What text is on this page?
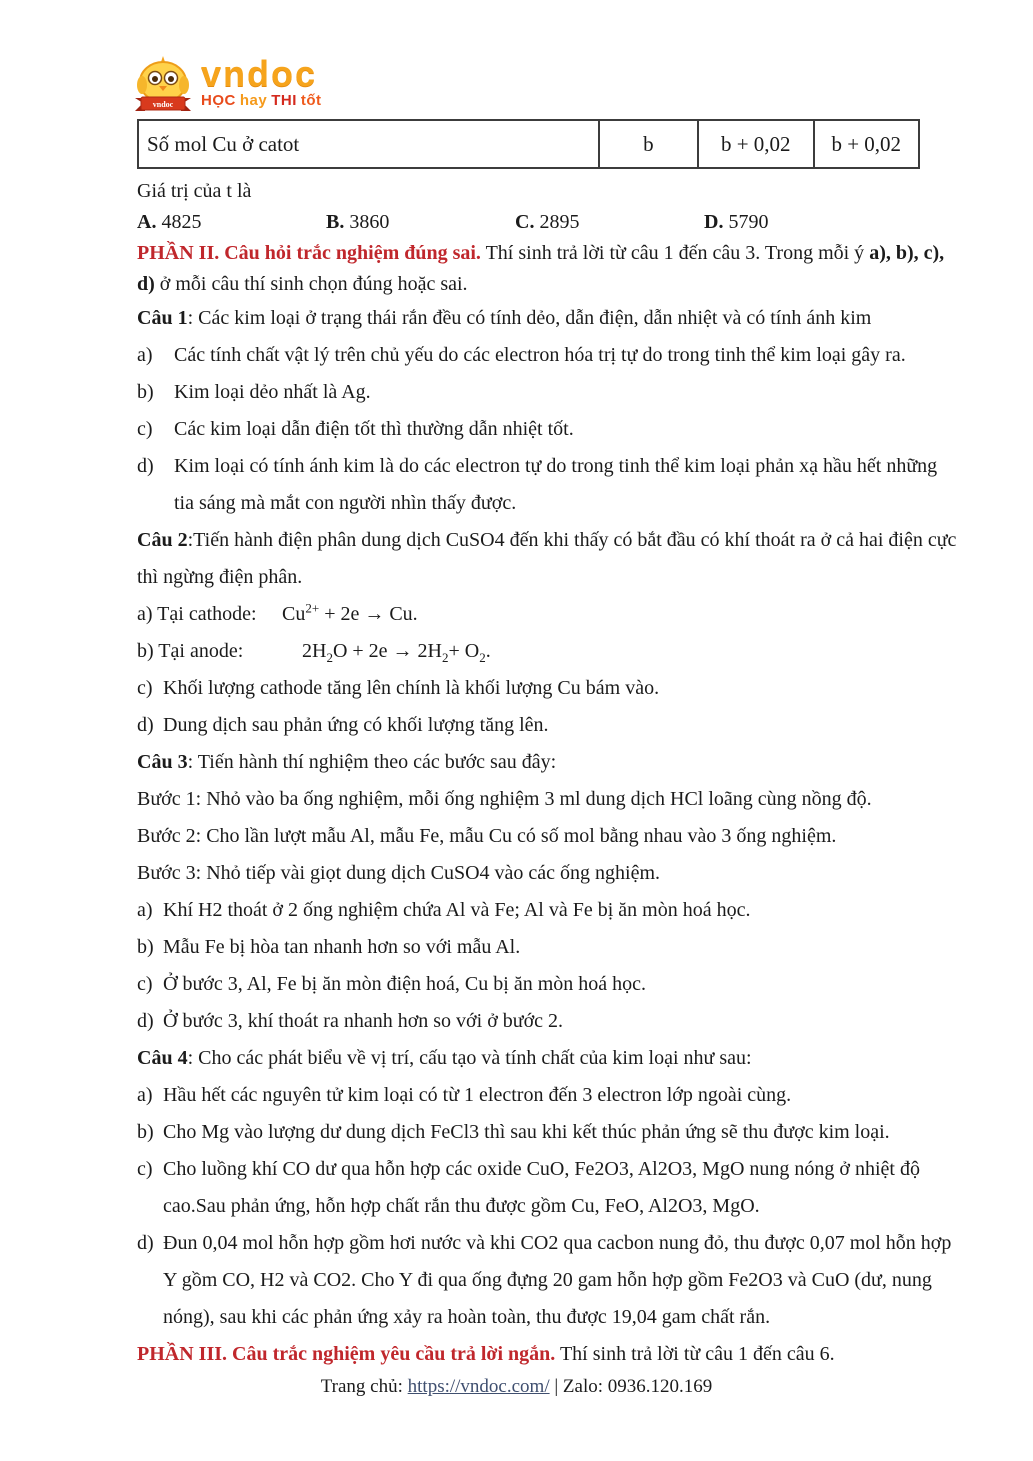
vndoc
vndoc
HỌC hay THI tốt
Số mol Cu ở catot	b	b + 0,02	b + 0,02

Giá trị của t là

A. 4825	B. 3860	C. 2895	D. 5790

PHẦN II. Câu hỏi trắc nghiệm đúng sai. Thí sinh trả lời từ câu 1 đến câu 3. Trong mỗi ý a), b), c), d) ở mỗi câu thí sinh chọn đúng hoặc sai.

Câu 1: Các kim loại ở trạng thái rắn đều có tính dẻo, dẫn điện, dẫn nhiệt và có tính ánh kim

a) Các tính chất vật lý trên chủ yếu do các electron hóa trị tự do trong tinh thể kim loại gây ra.

b) Kim loại dẻo nhất là Ag.

c) Các kim loại dẫn điện tốt thì thường dẫn nhiệt tốt.

d) Kim loại có tính ánh kim là do các electron tự do trong tinh thể kim loại phản xạ hầu hết những tia sáng mà mắt con người nhìn thấy được.

Câu 2:Tiến hành điện phân dung dịch CuSO4 đến khi thấy có bắt đầu có khí thoát ra ở cả hai điện cực thì ngừng điện phân.

a) Tại cathode: $Cu^{2+} + 2e \to Cu$.

b) Tại anode:	$2H_2O + 2e \to 2H_2+ O_2$.

c) Khối lượng cathode tăng lên chính là khối lượng Cu bám vào.

d) Dung dịch sau phản ứng có khối lượng tăng lên.

Câu 3: Tiến hành thí nghiệm theo các bước sau đây:

Bước 1: Nhỏ vào ba ống nghiệm, mỗi ống nghiệm 3 ml dung dịch HCl loãng cùng nồng độ.

Bước 2: Cho lần lượt mẫu Al, mẫu Fe, mẫu Cu có số mol bằng nhau vào 3 ống nghiệm.

Bước 3: Nhỏ tiếp vài giọt dung dịch CuSO4 vào các ống nghiệm.

a) Khí H2 thoát ở 2 ống nghiệm chứa Al và Fe; Al và Fe bị ăn mòn hoá học.

b) Mẫu Fe bị hòa tan nhanh hơn so với mẫu Al.

c) Ở bước 3, Al, Fe bị ăn mòn điện hoá, Cu bị ăn mòn hoá học.

d) Ở bước 3, khí thoát ra nhanh hơn so với ở bước 2.

Câu 4: Cho các phát biểu về vị trí, cấu tạo và tính chất của kim loại như sau:

a) Hầu hết các nguyên tử kim loại có từ 1 electron đến 3 electron lớp ngoài cùng.

b) Cho Mg vào lượng dư dung dịch FeCl3 thì sau khi kết thúc phản ứng sẽ thu được kim loại.

c) Cho luồng khí CO dư qua hỗn hợp các oxide CuO, Fe2O3, Al2O3, MgO nung nóng ở nhiệt độ cao.Sau phản ứng, hỗn hợp chất rắn thu được gồm Cu, FeO, Al2O3, MgO.

d) Đun 0,04 mol hỗn hợp gồm hơi nước và khi CO2 qua cacbon nung đỏ, thu được 0,07 mol hỗn hợp Y gồm CO, H2 và CO2. Cho Y đi qua ống đựng 20 gam hỗn hợp gồm Fe2O3 và CuO (dư, nung nóng), sau khi các phản ứng xảy ra hoàn toàn, thu được 19,04 gam chất rắn.

PHẦN III. Câu trắc nghiệm yêu cầu trả lời ngắn. Thí sinh trả lời từ câu 1 đến câu 6.

Trang chủ: https://vndoc.com/ | Zalo: 0936.120.169
